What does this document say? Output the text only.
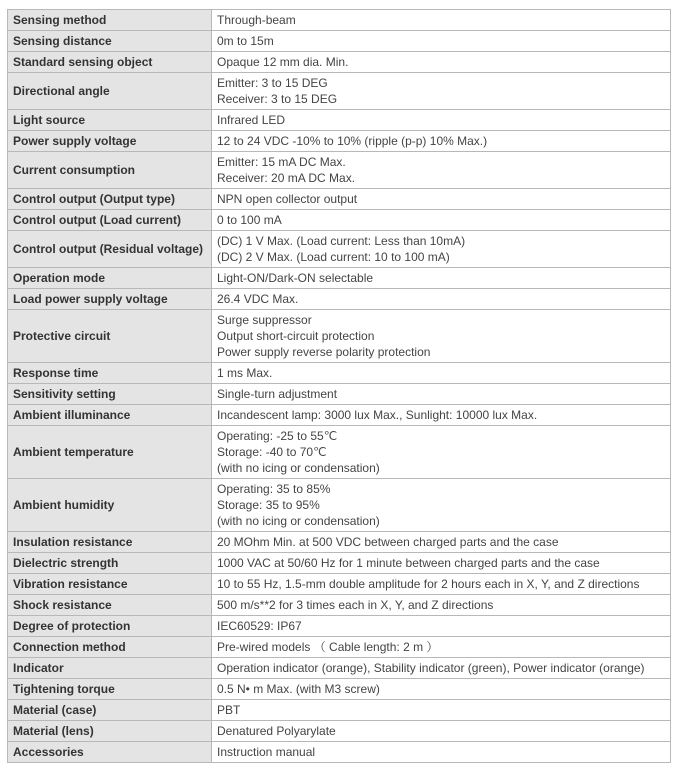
Sensing method	Through-beam

Sensing distance	0m to 15m

Standard sensing object	Opaque 12 mm dia. Min.

Directional angle	Emitter: 3 to 15 DEG
Receiver: 3 to 15 DEG

Light source	Infrared LED

Power supply voltage	12 to 24 VDC -10% to 10% (ripple (p-p) 10% Max.)

Current consumption	Emitter: 15 mA DC Max.
Receiver: 20 mA DC Max.

Control output (Output type)	NPN open collector output

Control output (Load current)	0 to 100 mA

Control output (Residual voltage)	(DC) 1 V Max. (Load current: Less than 10mA)
(DC) 2 V Max. (Load current: 10 to 100 mA)

Operation mode	Light-ON/Dark-ON selectable

Load power supply voltage	26.4 VDC Max.

Protective circuit	Surge suppressor
Output short-circuit protection
Power supply reverse polarity protection

Response time	1 ms Max.

Sensitivity setting	Single-turn adjustment

Ambient illuminance	Incandescent lamp: 3000 lux Max., Sunlight: 10000 lux Max.

Ambient temperature	Operating: -25 to 55℃
Storage: -40 to 70℃
(with no icing or condensation)

Ambient humidity	Operating: 35 to 85%
Storage: 35 to 95%
(with no icing or condensation)

Insulation resistance	20 MOhm Min. at 500 VDC between charged parts and the case

Dielectric strength	1000 VAC at 50/60 Hz for 1 minute between charged parts and the case

Vibration resistance	10 to 55 Hz, 1.5-mm double amplitude for 2 hours each in X, Y, and Z directions

Shock resistance	500 m/s**2 for 3 times each in X, Y, and Z directions

Degree of protection	IEC60529: IP67

Connection method	Pre-wired models （ Cable length: 2 m ）

Indicator	Operation indicator (orange), Stability indicator (green), Power indicator (orange)

Tightening torque	0.5 N• m Max. (with M3 screw)

Material (case)	PBT

Material (lens)	Denatured Polyarylate

Accessories	Instruction manual
